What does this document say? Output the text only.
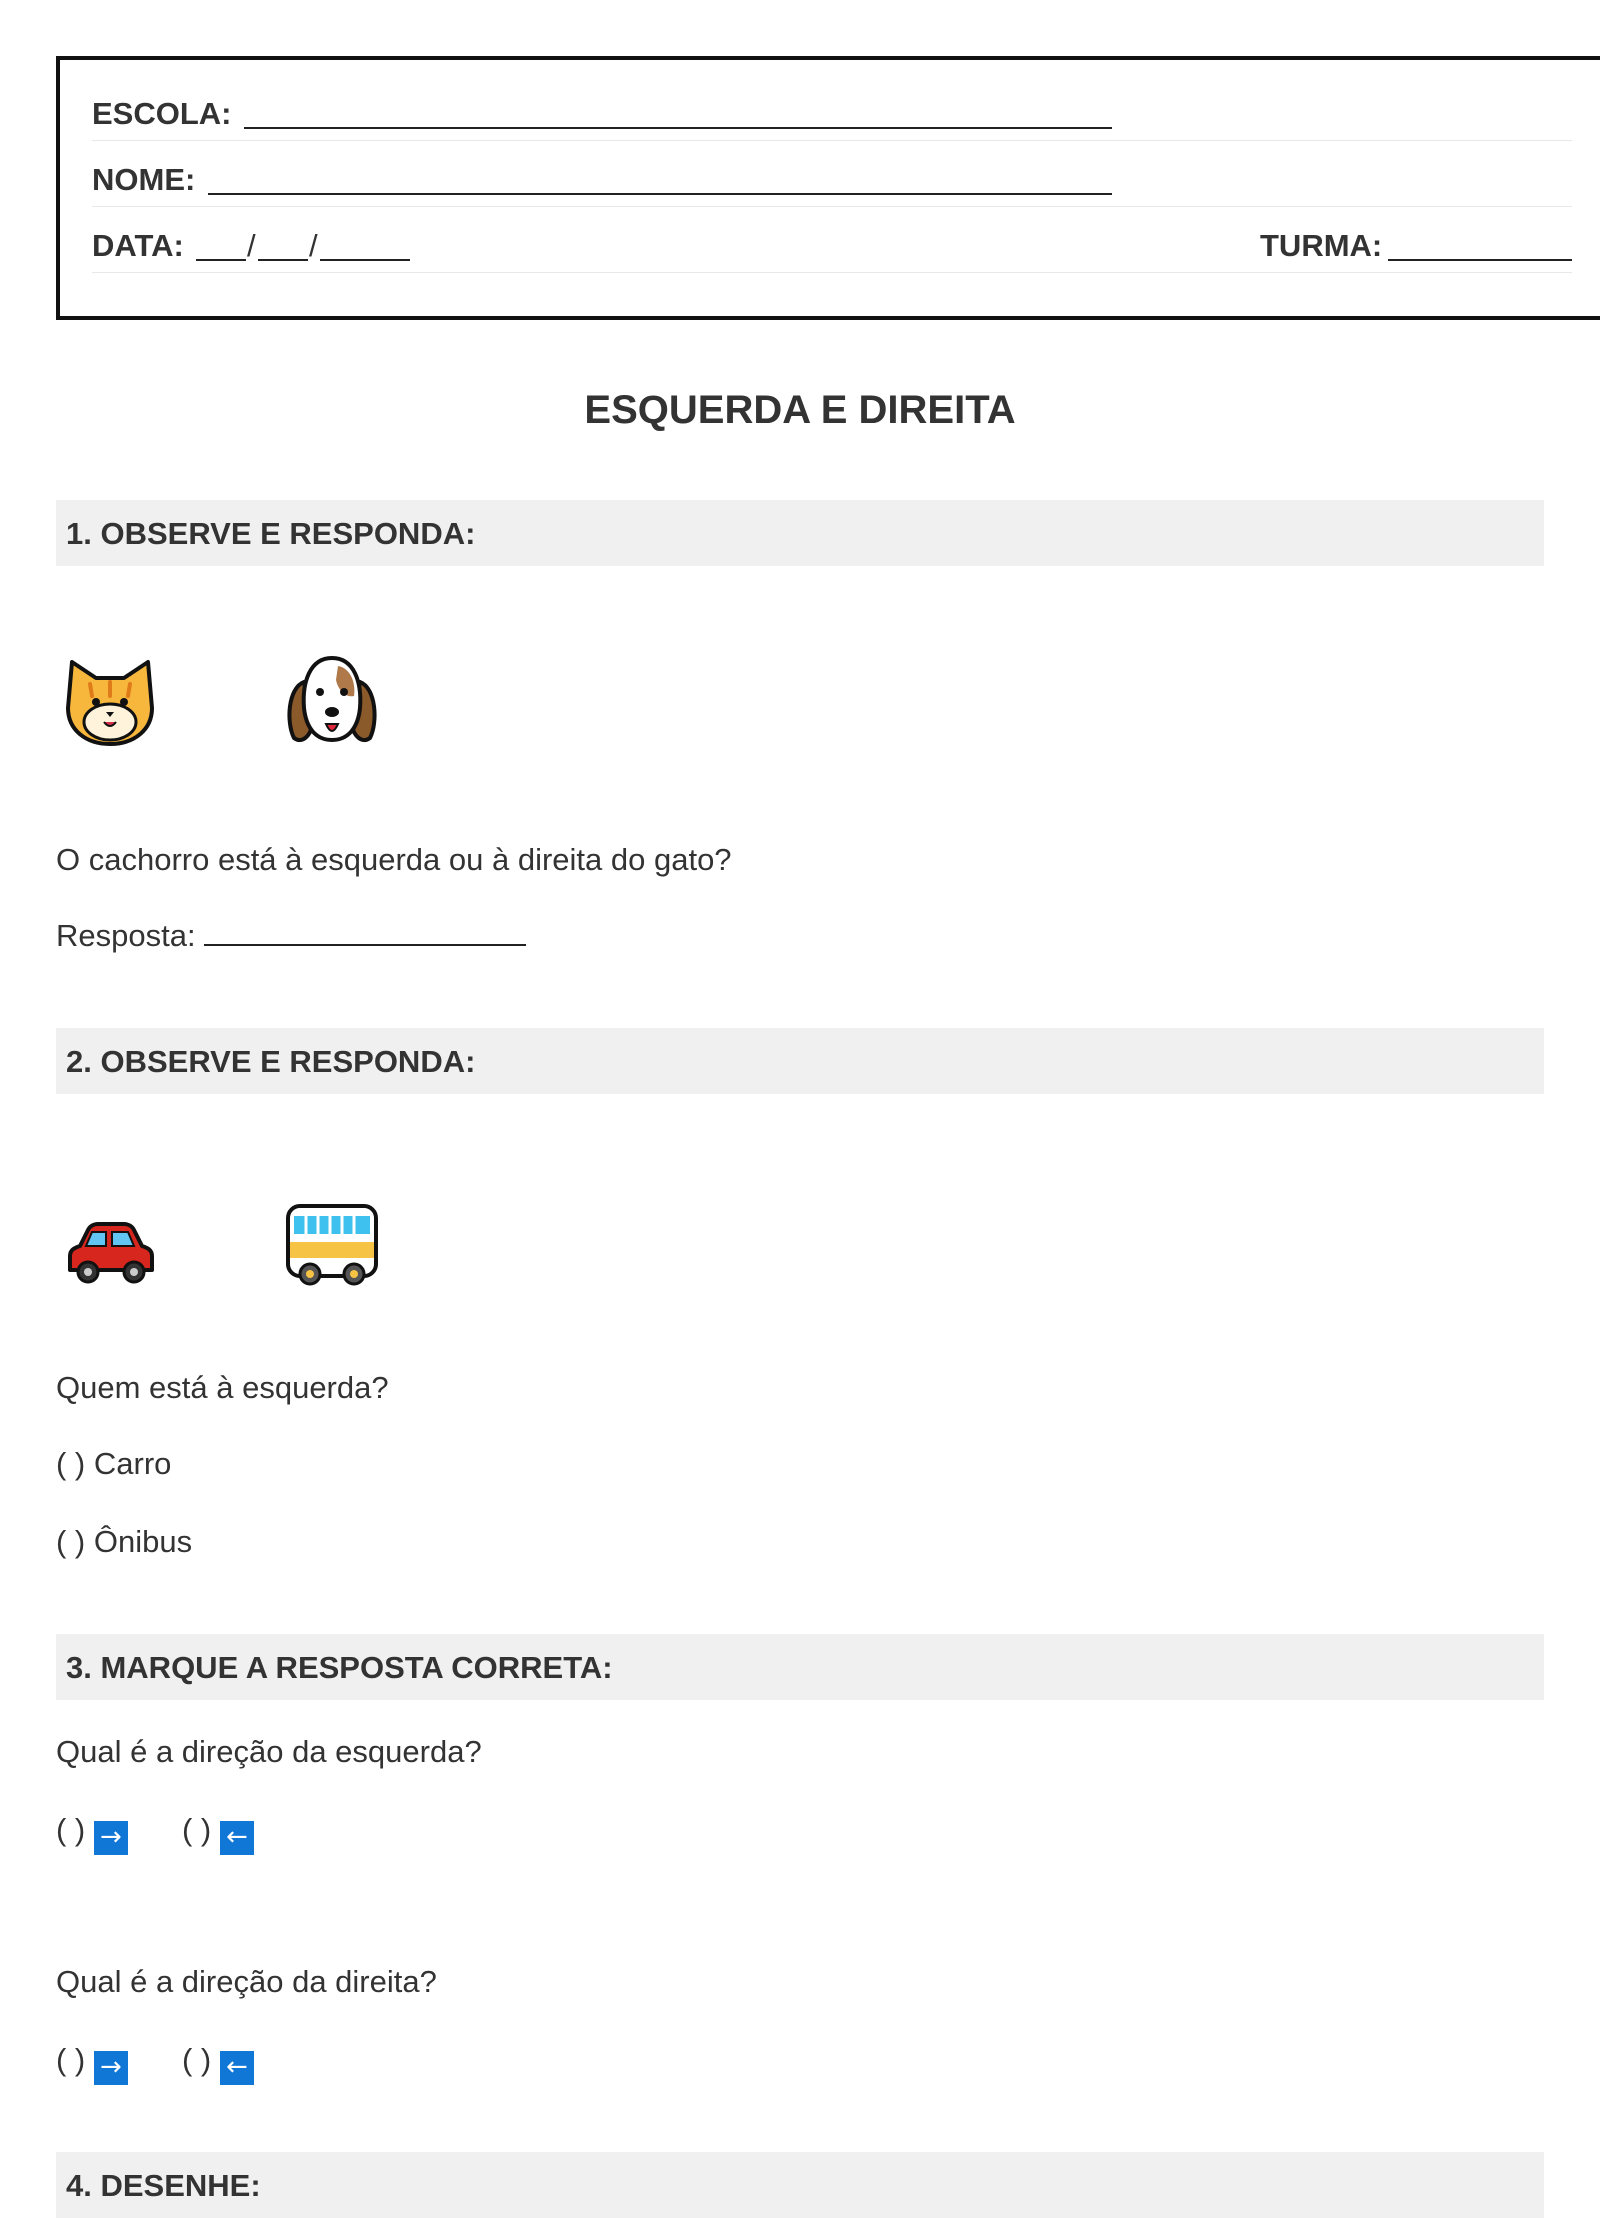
ESCOLA:
NOME:
DATA: / /	TURMA:
ESQUERDA E DIREITA
1. OBSERVE E RESPONDA:
O cachorro está à esquerda ou à direita do gato?
Resposta:
2. OBSERVE E RESPONDA:
Quem está à esquerda?
( ) Carro
( ) Ônibus
3. MARQUE A RESPOSTA CORRETA:
Qual é a direção da esquerda?
( ) → ( ) ←
Qual é a direção da direita?
( ) → ( ) ←
4. DESENHE:
